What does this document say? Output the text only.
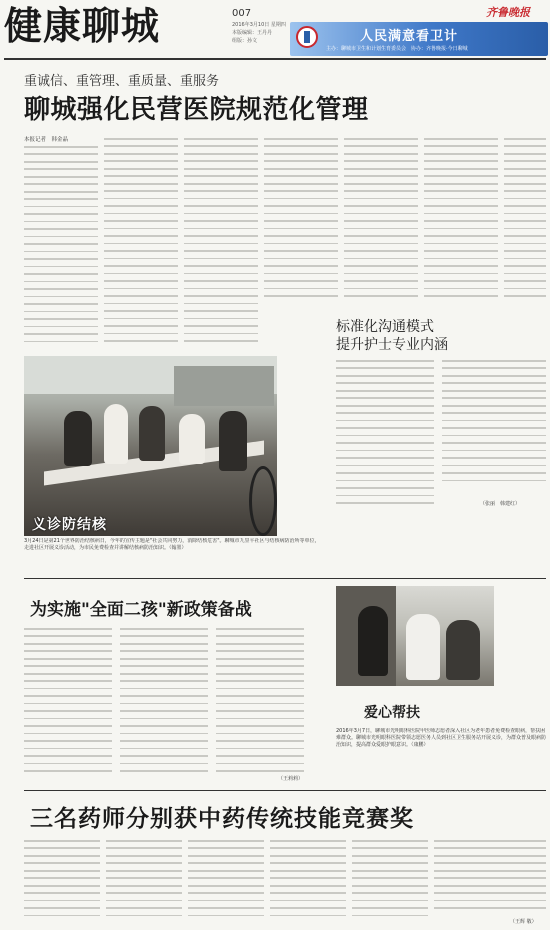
健康聊城	007
2016年3月10日 星期四
本版编辑：王丹丹
组版：孙文
齐鲁晚报
人民满意看卫计
主办：聊城市卫生和计划生育委员会　协办：齐鲁晚报·今日聊城
重诚信、重管理、重质量、重服务
聊城强化民营医院规范化管理
本报记者　韩金晶
义诊防结核
3月24日是第21个世界防治结核病日，今年的宣传主题是"社会共同努力，消除结核危害"。聊城市九里平社区与结核病防治所等单位，走进社区开展义诊活动，为市民免费检查并讲解结核病防治知识。（翰墨）
标准化沟通模式
提升护士专业内涵
（张丽　韩建红）
为实施"全面二孩"新政策备战
（王莉莉）
爱心帮扶
2016年3月7日，聊城市光明眼科医院甲医师志愿者深入社区为老年患者免费检查眼病，帮扶困难群众。聊城市光明眼科医院带领志愿医务人员到社区卫生服务站开展义诊，为群众普及眼病防治知识，提高群众爱眼护眼意识。（康鹏）
三名药师分别获中药传统技能竞赛奖
（王辉 敬）
